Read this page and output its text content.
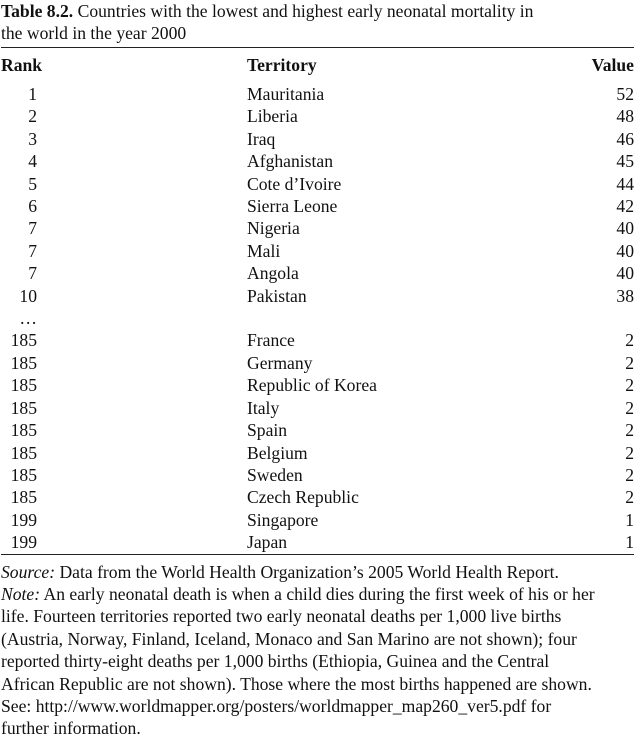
Table 8.2. Countries with the lowest and highest early neonatal mortality in
the world in the year 2000

Rank	Territory	Value
1	Mauritania	52
2	Liberia	48
3	Iraq	46
4	Afghanistan	45
5	Cote d’Ivoire	44
6	Sierra Leone	42
7	Nigeria	40
7	Mali	40
7	Angola	40
10	Pakistan	38
…		
185	France	2
185	Germany	2
185	Republic of Korea	2
185	Italy	2
185	Spain	2
185	Belgium	2
185	Sweden	2
185	Czech Republic	2
199	Singapore	1
199	Japan	1

Source: Data from the World Health Organization’s 2005 World Health Report.

Note: An early neonatal death is when a child dies during the first week of his or her
life. Fourteen territories reported two early neonatal deaths per 1,000 live births
(Austria, Norway, Finland, Iceland, Monaco and San Marino are not shown); four
reported thirty-eight deaths per 1,000 births (Ethiopia, Guinea and the Central
African Republic are not shown). Those where the most births happened are shown.
See: http://www.worldmapper.org/posters/worldmapper_map260_ver5.pdf for
further information.
